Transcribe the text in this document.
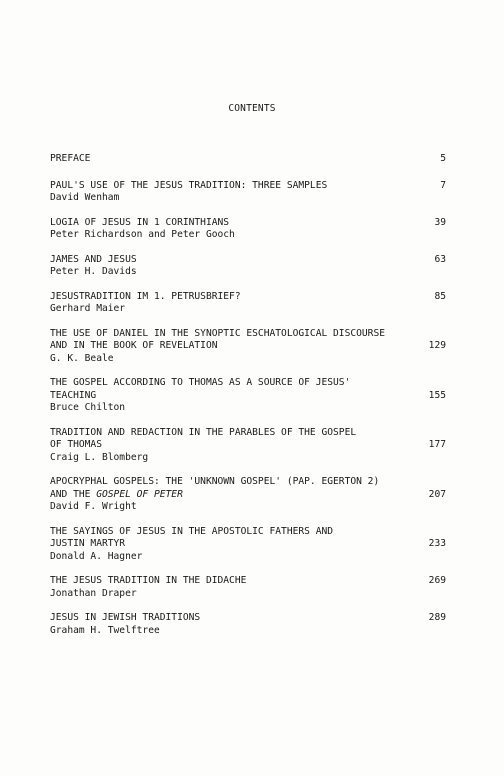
CONTENTS
PREFACE	5
PAUL'S USE OF THE JESUS TRADITION: THREE SAMPLES
David Wenham
7
LOGIA OF JESUS IN 1 CORINTHIANS
Peter Richardson and Peter Gooch
39
JAMES AND JESUS
Peter H. Davids
63
JESUSTRADITION IM 1. PETRUSBRIEF?
Gerhard Maier
85
THE USE OF DANIEL IN THE SYNOPTIC ESCHATOLOGICAL DISCOURSE
AND IN THE BOOK OF REVELATION
G. K. Beale
129
THE GOSPEL ACCORDING TO THOMAS AS A SOURCE OF JESUS'
TEACHING
Bruce Chilton
155
TRADITION AND REDACTION IN THE PARABLES OF THE GOSPEL
OF THOMAS
Craig L. Blomberg
177
APOCRYPHAL GOSPELS: THE 'UNKNOWN GOSPEL' (PAP. EGERTON 2)
AND THE GOSPEL OF PETER
David F. Wright
207
THE SAYINGS OF JESUS IN THE APOSTOLIC FATHERS AND
JUSTIN MARTYR
Donald A. Hagner
233
THE JESUS TRADITION IN THE DIDACHE
Jonathan Draper
269
JESUS IN JEWISH TRADITIONS
Graham H. Twelftree
289
